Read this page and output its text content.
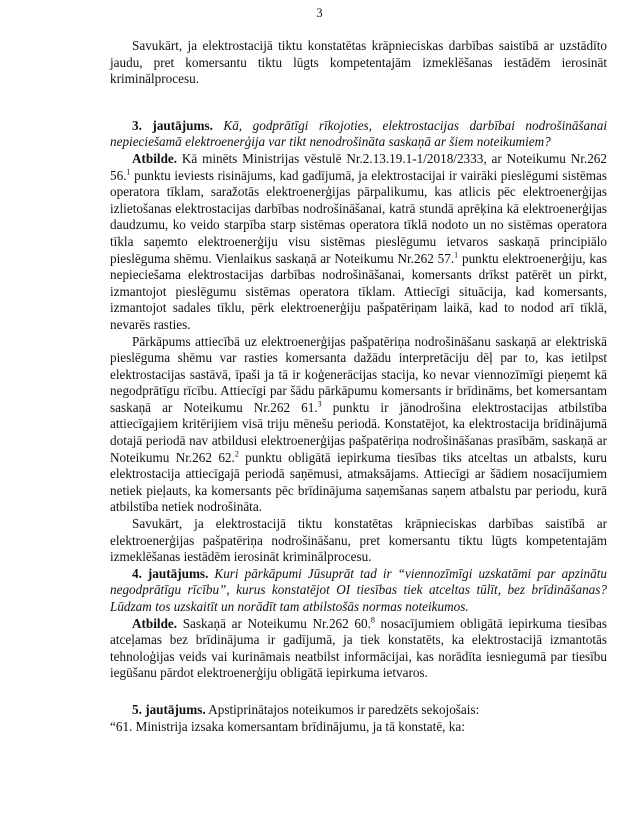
3

Savukārt, ja elektrostacijā tiktu konstatētas krāpnieciskas darbības saistībā ar uzstādīto jaudu, pret komersantu tiktu lūgts kompetentajām izmeklēšanas iestādēm ierosināt kriminālprocesu.

3. jautājums. Kā, godprātīgi rīkojoties, elektrostacijas darbībai nodrošināšanai nepieciešamā elektroenerģija var tikt nenodrošināta saskaņā ar šiem noteikumiem?

Atbilde. Kā minēts Ministrijas vēstulē Nr.2.13.19.1-1/2018/2333, ar Noteikumu Nr.262 56.$^1$ punktu ieviests risinājums, kad gadījumā, ja elektrostacijai ir vairāki pieslēgumi sistēmas operatora tīklam, saražotās elektroenerģijas pārpalikumu, kas atlicis pēc elektroenerģijas izlietošanas elektrostacijas darbības nodrošināšanai, katrā stundā aprēķina kā elektroenerģijas daudzumu, ko veido starpība starp sistēmas operatora tīklā nodoto un no sistēmas operatora tīkla saņemto elektroenerģiju visu sistēmas pieslēgumu ietvaros saskaņā principiālo pieslēguma shēmu. Vienlaikus saskaņā ar Noteikumu Nr.262 57.$^1$ punktu elektroenerģiju, kas nepieciešama elektrostacijas darbības nodrošināšanai, komersants drīkst patērēt un pirkt, izmantojot pieslēgumu sistēmas operatora tīklam. Attiecīgi situācija, kad komersants, izmantojot sadales tīklu, pērk elektroenerģiju pašpatēriņam laikā, kad to nodod arī tīklā, nevarēs rasties.

Pārkāpums attiecībā uz elektroenerģijas pašpatēriņa nodrošināšanu saskaņā ar elektriskā pieslēguma shēmu var rasties komersanta dažādu interpretāciju dēļ par to, kas ietilpst elektrostacijas sastāvā, īpaši ja tā ir koģenerācijas stacija, ko nevar viennozīmīgi pieņemt kā negodprātīgu rīcību. Attiecīgi par šādu pārkāpumu komersants ir brīdināms, bet komersantam saskaņā ar Noteikumu Nr.262 61.$^3$ punktu ir jānodrošina elektrostacijas atbilstība attiecīgajiem kritērijiem visā triju mēnešu periodā. Konstatējot, ka elektrostacija brīdinājumā dotajā periodā nav atbildusi elektroenerģijas pašpatēriņa nodrošināšanas prasībām, saskaņā ar Noteikumu Nr.262 62.$^2$ punktu obligātā iepirkuma tiesības tiks atceltas un atbalsts, kuru elektrostacija attiecīgajā periodā saņēmusi, atmaksājams. Attiecīgi ar šādiem nosacījumiem netiek pieļauts, ka komersants pēc brīdinājuma saņemšanas saņem atbalstu par periodu, kurā atbilstība netiek nodrošināta.

Savukārt, ja elektrostacijā tiktu konstatētas krāpnieciskas darbības saistībā ar elektroenerģijas pašpatēriņa nodrošināšanu, pret komersantu tiktu lūgts kompetentajām izmeklēšanas iestādēm ierosināt kriminālprocesu.

4. jautājums. Kuri pārkāpumi Jūsuprāt tad ir “viennozīmīgi uzskatāmi par apzinātu negodprātīgu rīcību”, kurus konstatējot OI tiesības tiek atceltas tūlīt, bez brīdināšanas? Lūdzam tos uzskaitīt un norādīt tam atbilstošās normas noteikumos.

Atbilde. Saskaņā ar Noteikumu Nr.262 60.$^8$ nosacījumiem obligātā iepirkuma tiesības atceļamas bez brīdinājuma ir gadījumā, ja tiek konstatēts, ka elektrostacijā izmantotās tehnoloģijas veids vai kurināmais neatbilst informācijai, kas norādīta iesniegumā par tiesību iegūšanu pārdot elektroenerģiju obligātā iepirkuma ietvaros.

5. jautājums. Apstiprinātajos noteikumos ir paredzēts sekojošais:

“61. Ministrija izsaka komersantam brīdinājumu, ja tā konstatē, ka:
